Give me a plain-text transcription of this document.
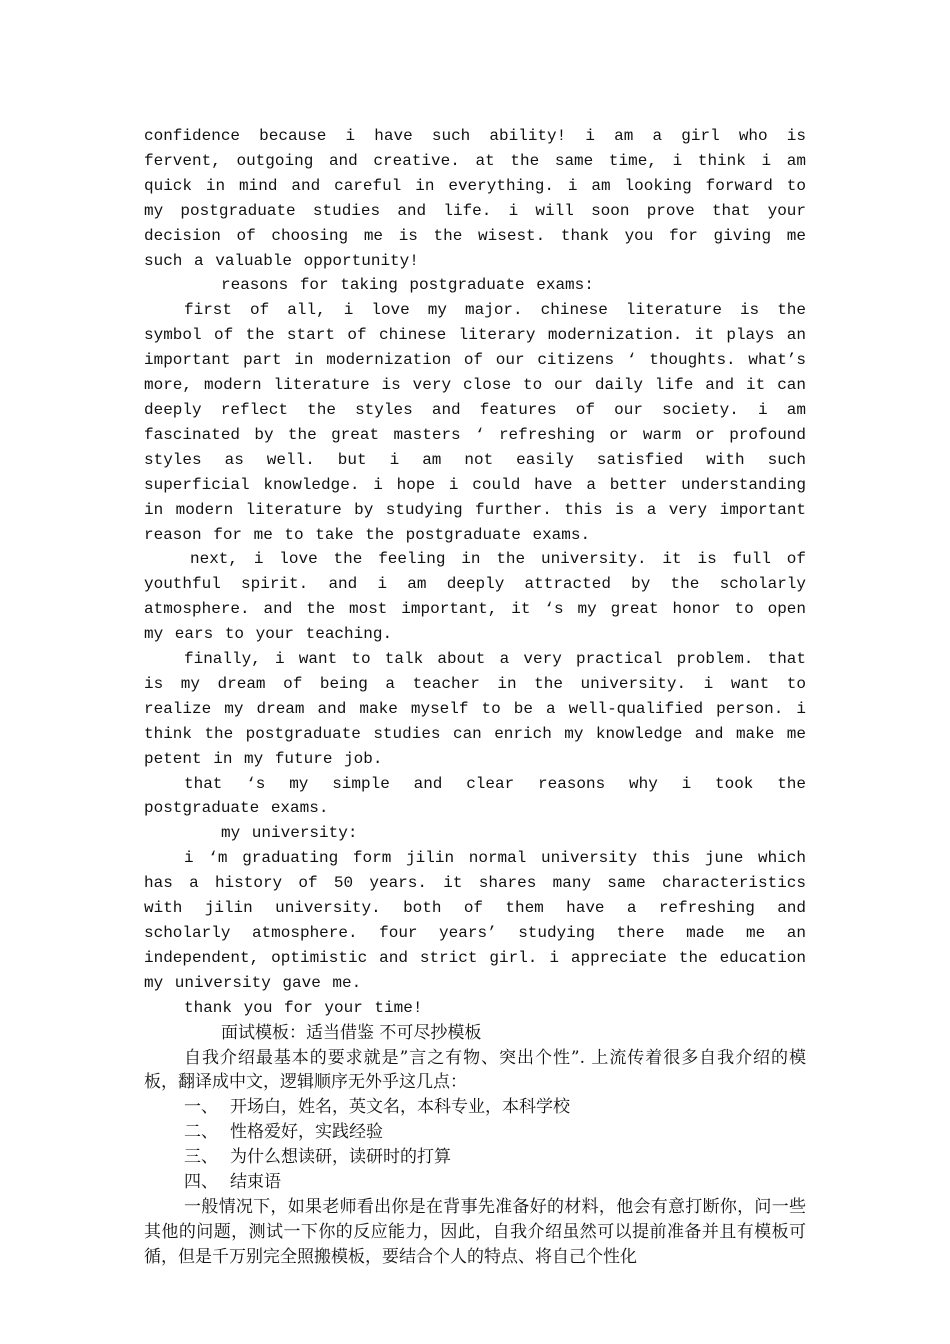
confidence because i have such ability! i am a girl who is fervent, outgoing and creative. at the same time, i think i am quick in mind and careful in everything. i am looking forward to my postgraduate studies and life. i will soon prove that your decision of choosing me is the wisest. thank you for giving me such a valuable opportunity!

reasons for taking postgraduate exams:

first of all, i love my major. chinese literature is the symbol of the start of chinese literary modernization. it plays an important part in modernization of our citizens ‘ thoughts. what’s more, modern literature is very close to our daily life and it can deeply reflect the styles and features of our society. i am fascinated by the great masters ‘ refreshing or warm or profound styles as well. but i am not easily satisfied with such superficial knowledge. i hope i could have a better understanding in modern literature by studying further. this is a very important reason for me to take the postgraduate exams.

next, i love the feeling in the university. it is full of youthful spirit. and i am deeply attracted by the scholarly atmosphere. and the most important, it ‘s my great honor to open my ears to your teaching.

finally, i want to talk about a very practical problem. that is my dream of being a teacher in the university. i want to realize my dream and make myself to be a well-qualified person. i think the postgraduate studies can enrich my knowledge and make me petent in my future job.

that ‘s my simple and clear reasons why i took the postgraduate exams.

my university:

i ‘m graduating form jilin normal university this june which has a history of 50 years. it shares many same characteristics with jilin university. both of them have a refreshing and scholarly atmosphere. four years’ studying there made me an independent, optimistic and strict girl. i appreciate the education my university gave me.

thank you for your time!

面试模板：适当借鉴 不可尽抄模板

自我介绍最基本的要求就是”言之有物、突出个性”. 上流传着很多自我介绍的模板，翻译成中文，逻辑顺序无外乎这几点：

一、 开场白，姓名，英文名，本科专业，本科学校
二、 性格爱好，实践经验
三、 为什么想读研，读研时的打算
四、 结束语

一般情况下，如果老师看出你是在背事先准备好的材料，他会有意打断你，问一些其他的问题，测试一下你的反应能力，因此，自我介绍虽然可以提前准备并且有模板可循，但是千万别完全照搬模板，要结合个人的特点、将自己个性化
